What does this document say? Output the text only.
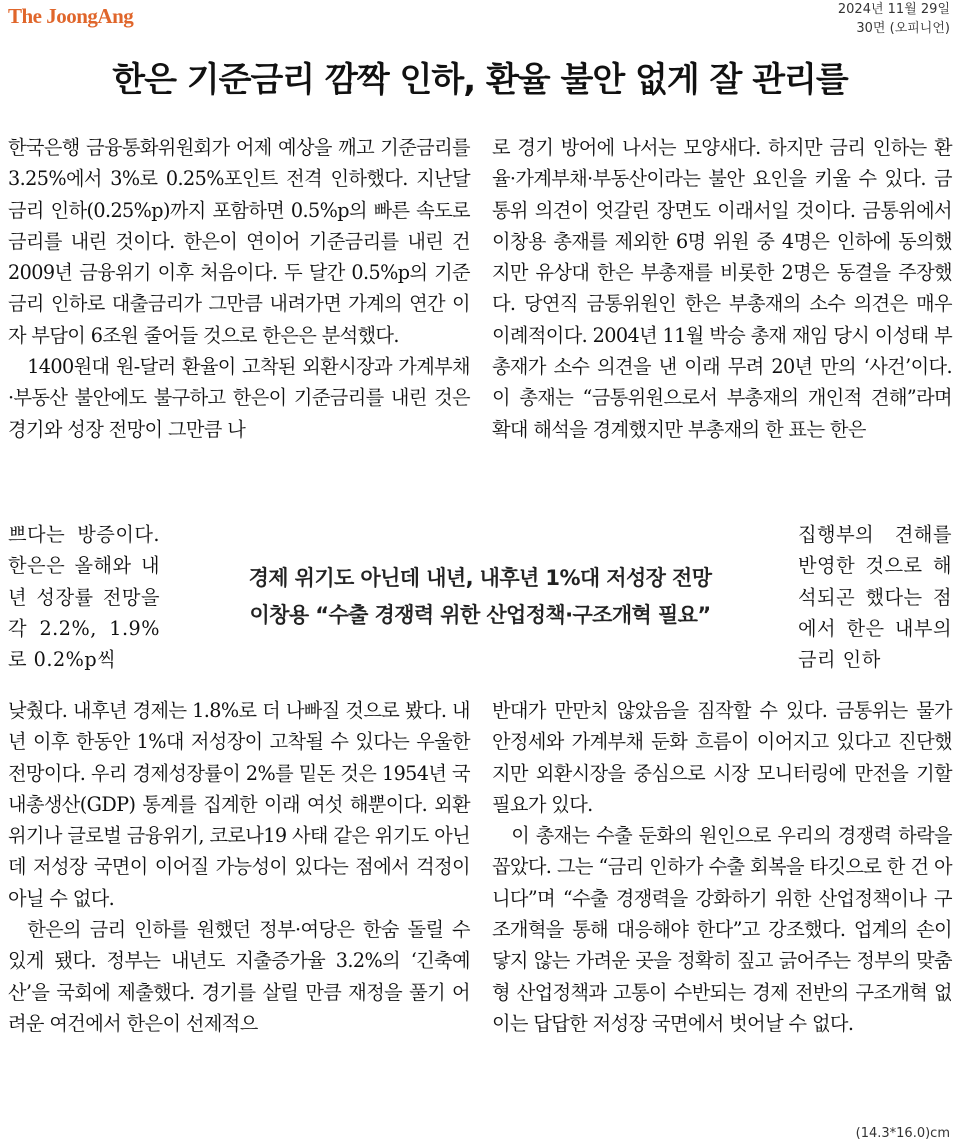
The JoongAng	2024년 11월 29일
30면 (오피니언)
한은 기준금리 깜짝 인하, 환율 불안 없게 잘 관리를

한국은행 금융통화위원회가 어제 예상을 깨고 기준금리를 3.25%에서 3%로 0.25%포인트 전격 인하했다. 지난달 금리 인하(0.25%p)까지 포함하면 0.5%p의 빠른 속도로 금리를 내린 것이다. 한은이 연이어 기준금리를 내린 건 2009년 금융위기 이후 처음이다. 두 달간 0.5%p의 기준금리 인하로 대출금리가 그만큼 내려가면 가계의 연간 이자 부담이 6조원 줄어들 것으로 한은은 분석했다.

1400원대 원-달러 환율이 고착된 외환시장과 가계부채·부동산 불안에도 불구하고 한은이 기준금리를 내린 것은 경기와 성장 전망이 그만큼 나

쁘다는 방증이다. 한은은 올해와 내년 성장률 전망을 각 2.2%, 1.9%로 0.2%p씩

경제 위기도 아닌데 내년, 내후년 1%대 저성장 전망
이창용 “수출 경쟁력 위한 산업정책·구조개혁 필요”

낮췄다. 내후년 경제는 1.8%로 더 나빠질 것으로 봤다. 내년 이후 한동안 1%대 저성장이 고착될 수 있다는 우울한 전망이다. 우리 경제성장률이 2%를 밑돈 것은 1954년 국내총생산(GDP) 통계를 집계한 이래 여섯 해뿐이다. 외환위기나 글로벌 금융위기, 코로나19 사태 같은 위기도 아닌데 저성장 국면이 이어질 가능성이 있다는 점에서 걱정이 아닐 수 없다.

한은의 금리 인하를 원했던 정부·여당은 한숨 돌릴 수 있게 됐다. 정부는 내년도 지출증가율 3.2%의 ‘긴축예산’을 국회에 제출했다. 경기를 살릴 만큼 재정을 풀기 어려운 여건에서 한은이 선제적으

로 경기 방어에 나서는 모양새다. 하지만 금리 인하는 환율·가계부채·부동산이라는 불안 요인을 키울 수 있다. 금통위 의견이 엇갈린 장면도 이래서일 것이다. 금통위에서 이창용 총재를 제외한 6명 위원 중 4명은 인하에 동의했지만 유상대 한은 부총재를 비롯한 2명은 동결을 주장했다. 당연직 금통위원인 한은 부총재의 소수 의견은 매우 이례적이다. 2004년 11월 박승 총재 재임 당시 이성태 부총재가 소수 의견을 낸 이래 무려 20년 만의 ‘사건’이다. 이 총재는 “금통위원으로서 부총재의 개인적 견해”라며 확대 해석을 경계했지만 부총재의 한 표는 한은

집행부의 견해를 반영한 것으로 해석되곤 했다는 점에서 한은 내부의 금리 인하

반대가 만만치 않았음을 짐작할 수 있다. 금통위는 물가 안정세와 가계부채 둔화 흐름이 이어지고 있다고 진단했지만 외환시장을 중심으로 시장 모니터링에 만전을 기할 필요가 있다.

이 총재는 수출 둔화의 원인으로 우리의 경쟁력 하락을 꼽았다. 그는 “금리 인하가 수출 회복을 타깃으로 한 건 아니다”며 “수출 경쟁력을 강화하기 위한 산업정책이나 구조개혁을 통해 대응해야 한다”고 강조했다. 업계의 손이 닿지 않는 가려운 곳을 정확히 짚고 긁어주는 정부의 맞춤형 산업정책과 고통이 수반되는 경제 전반의 구조개혁 없이는 답답한 저성장 국면에서 벗어날 수 없다.

(14.3*16.0)cm
